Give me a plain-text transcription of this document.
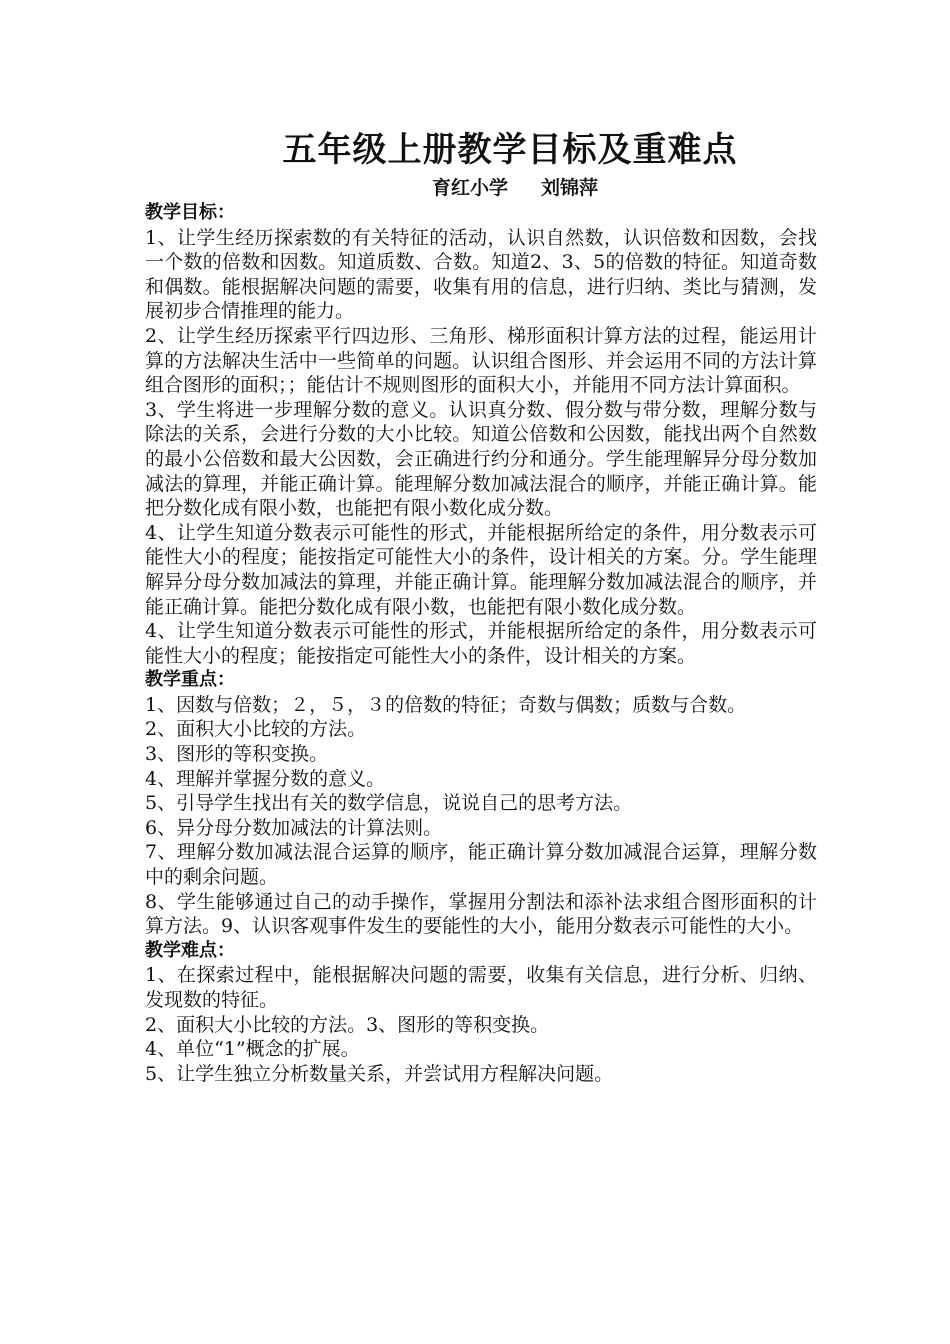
五年级上册教学目标及重难点
育红小学     刘锦萍
教学目标：

1、让学生经历探索数的有关特征的活动，认识自然数，认识倍数和因数，会找一个数的倍数和因数。知道质数、合数。知道2、3、5的倍数的特征。知道奇数和偶数。能根据解决问题的需要，收集有用的信息，进行归纳、类比与猜测，发展初步合情推理的能力。

2、让学生经历探索平行四边形、三角形、梯形面积计算方法的过程，能运用计算的方法解决生活中一些简单的问题。认识组合图形、并会运用不同的方法计算组合图形的面积；；能估计不规则图形的面积大小，并能用不同方法计算面积。

3、学生将进一步理解分数的意义。认识真分数、假分数与带分数，理解分数与除法的关系，会进行分数的大小比较。知道公倍数和公因数，能找出两个自然数的最小公倍数和最大公因数，会正确进行约分和通分。学生能理解异分母分数加减法的算理，并能正确计算。能理解分数加减法混合的顺序，并能正确计算。能把分数化成有限小数，也能把有限小数化成分数。

4、让学生知道分数表示可能性的形式，并能根据所给定的条件，用分数表示可能性大小的程度；能按指定可能性大小的条件，设计相关的方案。分。学生能理解异分母分数加减法的算理，并能正确计算。能理解分数加减法混合的顺序，并能正确计算。能把分数化成有限小数，也能把有限小数化成分数。

4、让学生知道分数表示可能性的形式，并能根据所给定的条件，用分数表示可能性大小的程度；能按指定可能性大小的条件，设计相关的方案。

教学重点：

1、因数与倍数；２，５，３的倍数的特征；奇数与偶数；质数与合数。

2、面积大小比较的方法。

3、图形的等积变换。

4、理解并掌握分数的意义。

5、引导学生找出有关的数学信息，说说自己的思考方法。

6、异分母分数加减法的计算法则。

7、理解分数加减法混合运算的顺序，能正确计算分数加减混合运算，理解分数中的剩余问题。

8、学生能够通过自己的动手操作，掌握用分割法和添补法求组合图形面积的计算方法。9、认识客观事件发生的要能性的大小，能用分数表示可能性的大小。

教学难点：

1、在探索过程中，能根据解决问题的需要，收集有关信息，进行分析、归纳、发现数的特征。

2、面积大小比较的方法。3、图形的等积变换。

4、单位“1”概念的扩展。

5、让学生独立分析数量关系，并尝试用方程解决问题。
